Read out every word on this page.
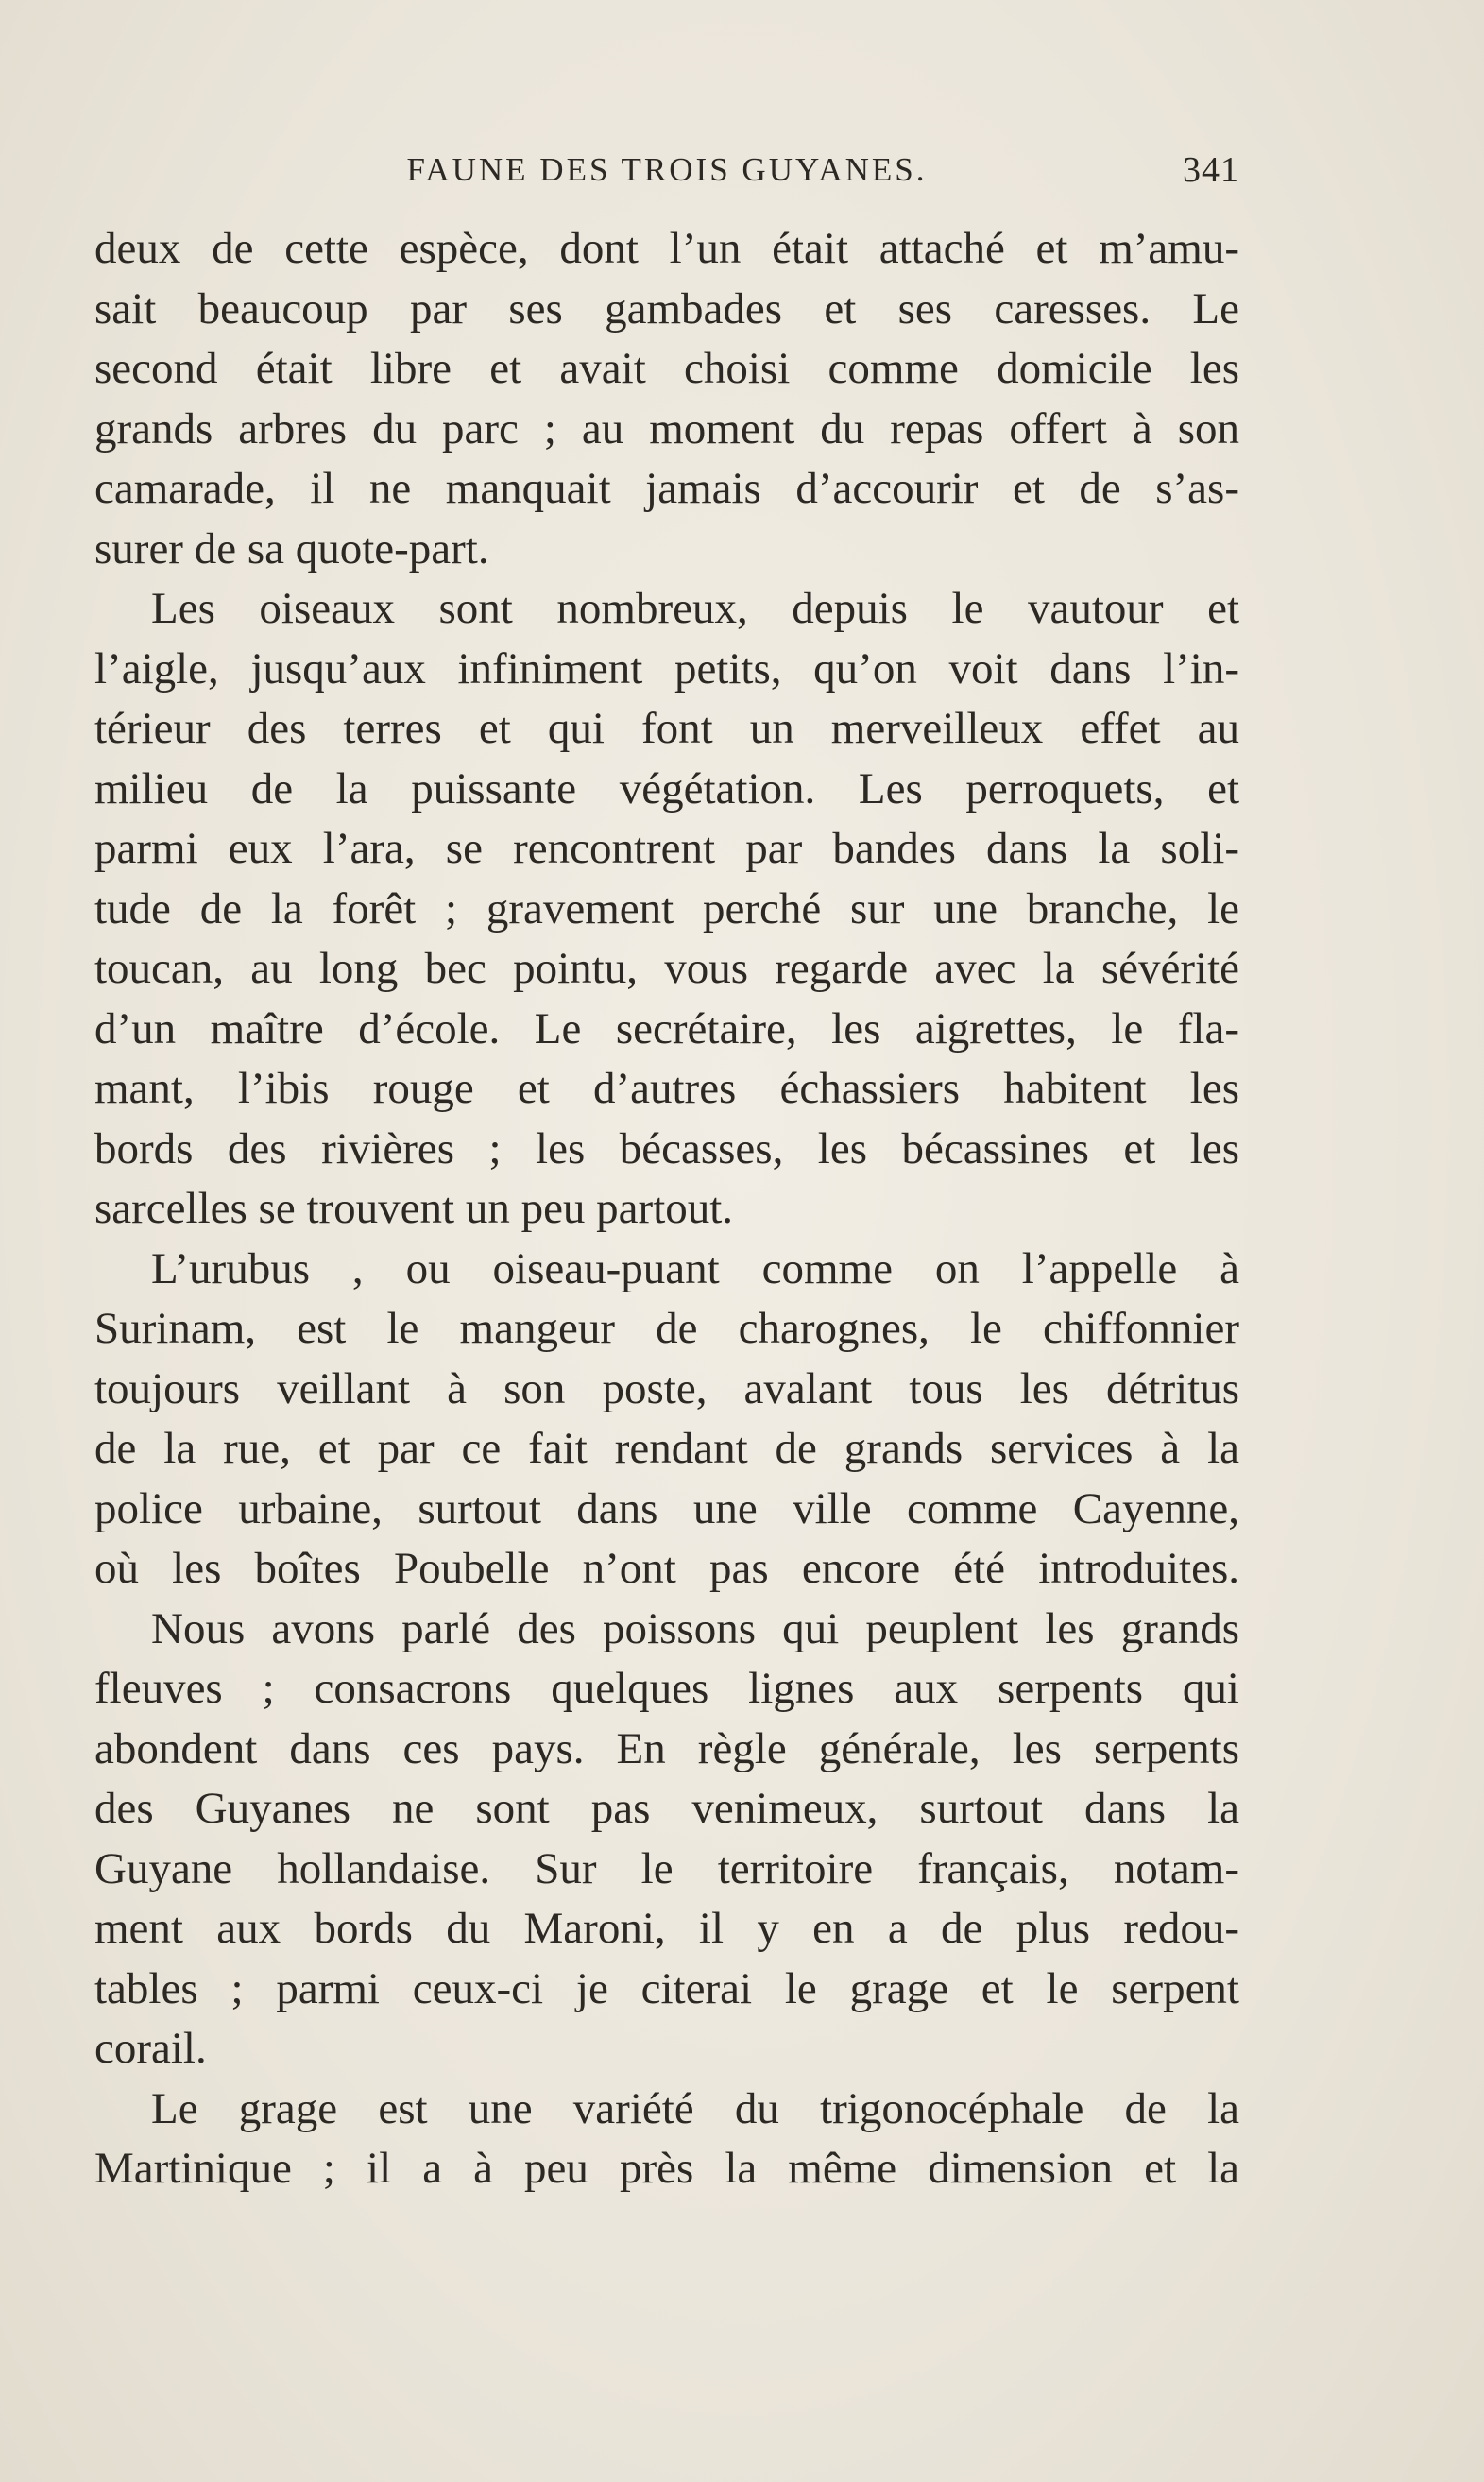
FAUNE DES TROIS GUYANES.	341
deux de cette espèce, dont l’un était attaché et m’amu-
sait beaucoup par ses gambades et ses caresses. Le
second était libre et avait choisi comme domicile les
grands arbres du parc ; au moment du repas offert à son
camarade, il ne manquait jamais d’accourir et de s’as-
surer de sa quote-part.
Les oiseaux sont nombreux, depuis le vautour et
l’aigle, jusqu’aux infiniment petits, qu’on voit dans l’in-
térieur des terres et qui font un merveilleux effet au
milieu de la puissante végétation. Les perroquets, et
parmi eux l’ara, se rencontrent par bandes dans la soli-
tude de la forêt ; gravement perché sur une branche, le
toucan, au long bec pointu, vous regarde avec la sévérité
d’un maître d’école. Le secrétaire, les aigrettes, le fla-
mant, l’ibis rouge et d’autres échassiers habitent les
bords des rivières ; les bécasses, les bécassines et les
sarcelles se trouvent un peu partout.
L’urubus , ou oiseau-puant comme on l’appelle à
Surinam, est le mangeur de charognes, le chiffonnier
toujours veillant à son poste, avalant tous les détritus
de la rue, et par ce fait rendant de grands services à la
police urbaine, surtout dans une ville comme Cayenne,
où les boîtes Poubelle n’ont pas encore été introduites.
Nous avons parlé des poissons qui peuplent les grands
fleuves ; consacrons quelques lignes aux serpents qui
abondent dans ces pays. En règle générale, les serpents
des Guyanes ne sont pas venimeux, surtout dans la
Guyane hollandaise. Sur le territoire français, notam-
ment aux bords du Maroni, il y en a de plus redou-
tables ; parmi ceux-ci je citerai le grage et le serpent
corail.
Le grage est une variété du trigonocéphale de la
Martinique ; il a à peu près la même dimension et la
